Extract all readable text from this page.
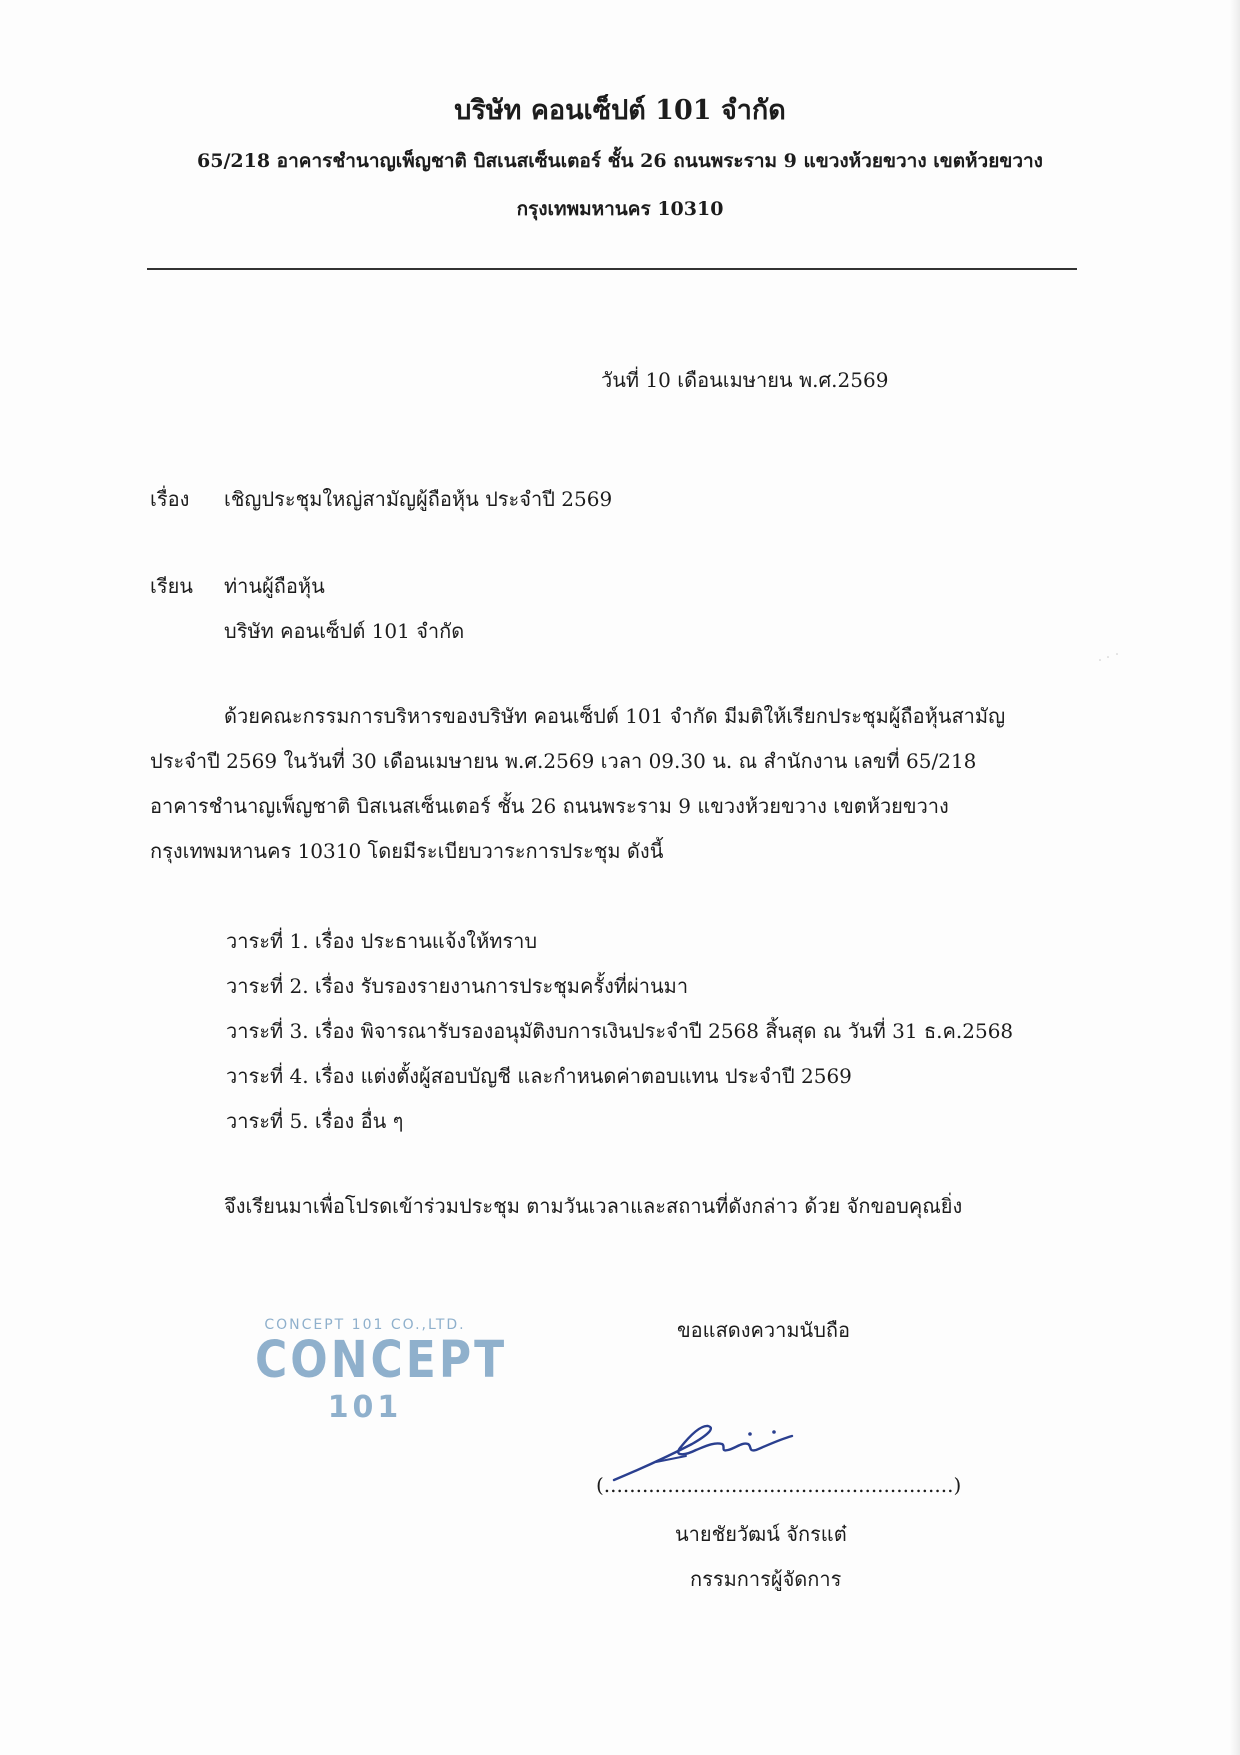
บริษัท คอนเซ็ปต์ 101 จำกัด
65/218 อาคารชำนาญเพ็ญชาติ บิสเนสเซ็นเตอร์ ชั้น 26 ถนนพระราม 9 แขวงห้วยขวาง เขตห้วยขวาง
กรุงเทพมหานคร 10310
วันที่ 10 เดือนเมษายน พ.ศ.2569
เรื่อง เชิญประชุมใหญ่สามัญผู้ถือหุ้น ประจำปี 2569
เรียน ท่านผู้ถือหุ้น
บริษัท คอนเซ็ปต์ 101 จำกัด
ด้วยคณะกรรมการบริหารของบริษัท คอนเซ็ปต์ 101 จำกัด มีมติให้เรียกประชุมผู้ถือหุ้นสามัญ
ประจำปี 2569 ในวันที่ 30 เดือนเมษายน พ.ศ.2569 เวลา 09.30 น. ณ สำนักงาน เลขที่ 65/218
อาคารชำนาญเพ็ญชาติ บิสเนสเซ็นเตอร์ ชั้น 26 ถนนพระราม 9 แขวงห้วยขวาง เขตห้วยขวาง
กรุงเทพมหานคร 10310 โดยมีระเบียบวาระการประชุม ดังนี้
วาระที่ 1. เรื่อง ประธานแจ้งให้ทราบ
วาระที่ 2. เรื่อง รับรองรายงานการประชุมครั้งที่ผ่านมา
วาระที่ 3. เรื่อง พิจารณารับรองอนุมัติงบการเงินประจำปี 2568 สิ้นสุด ณ วันที่ 31 ธ.ค.2568
วาระที่ 4. เรื่อง แต่งตั้งผู้สอบบัญชี และกำหนดค่าตอบแทน ประจำปี 2569
วาระที่ 5. เรื่อง อื่น ๆ
จึงเรียนมาเพื่อโปรดเข้าร่วมประชุม ตามวันเวลาและสถานที่ดังกล่าว ด้วย จักขอบคุณยิ่ง
CONCEPT 101 CO.,LTD.
CONCEPT
101
ขอแสดงความนับถือ
(.......................................................)
นายชัยวัฒน์ จักรแต๋
กรรมการผู้จัดการ
